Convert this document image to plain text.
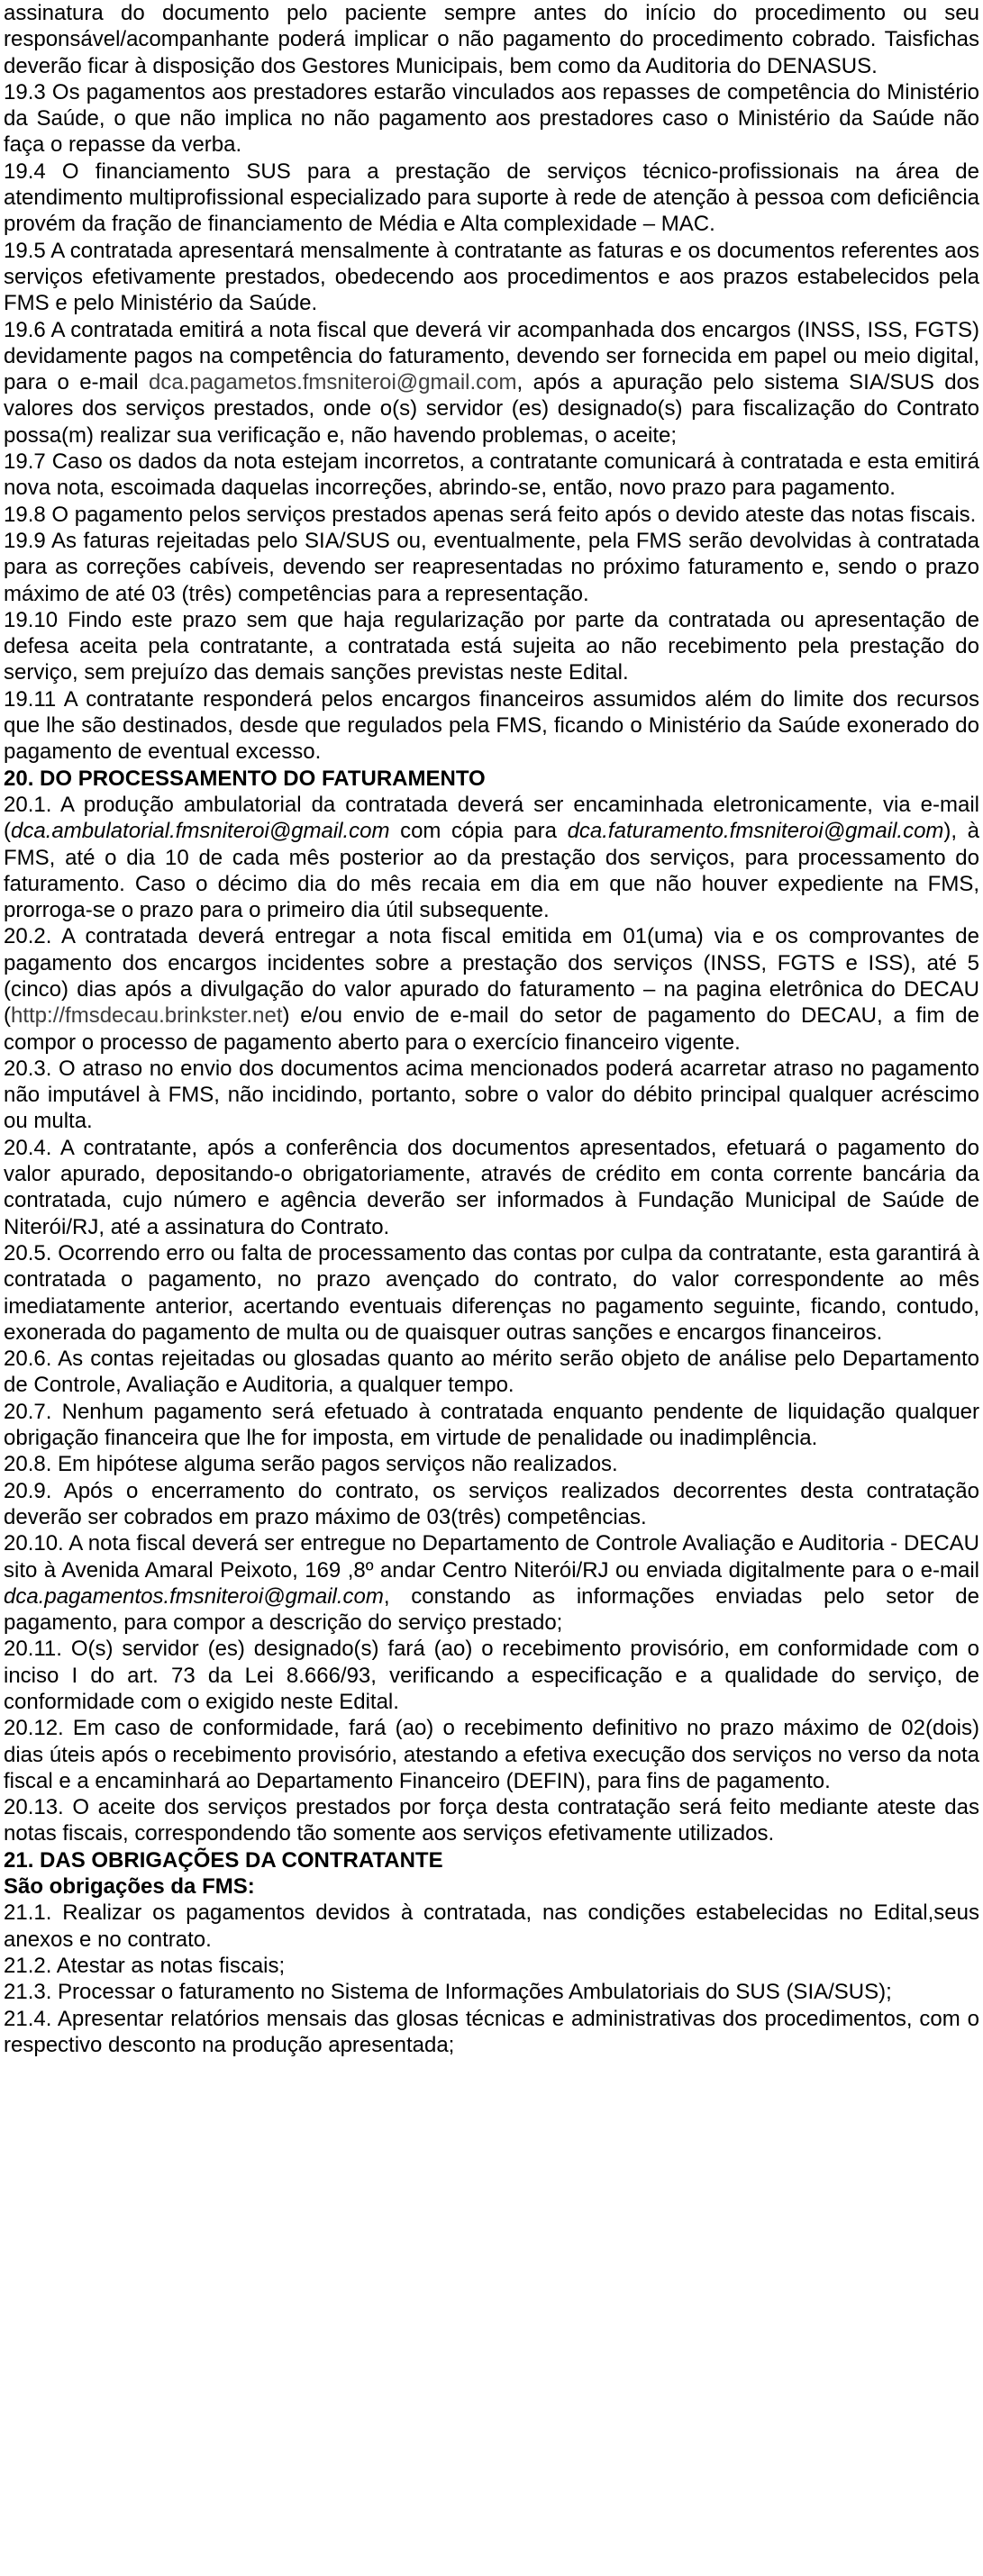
assinatura do documento pelo paciente sempre antes do início do procedimento ou seu responsável/acompanhante poderá implicar o não pagamento do procedimento cobrado. Taisfichas deverão ficar à disposição dos Gestores Municipais, bem como da Auditoria do DENASUS.

19.3 Os pagamentos aos prestadores estarão vinculados aos repasses de competência do Ministério da Saúde, o que não implica no não pagamento aos prestadores caso o Ministério da Saúde não faça o repasse da verba.

19.4 O financiamento SUS para a prestação de serviços técnico-profissionais na área de atendimento multiprofissional especializado para suporte à rede de atenção à pessoa com deficiência provém da fração de financiamento de Média e Alta complexidade – MAC.

19.5 A contratada apresentará mensalmente à contratante as faturas e os documentos referentes aos serviços efetivamente prestados, obedecendo aos procedimentos e aos prazos estabelecidos pela FMS e pelo Ministério da Saúde.

19.6 A contratada emitirá a nota fiscal que deverá vir acompanhada dos encargos (INSS, ISS, FGTS) devidamente pagos na competência do faturamento, devendo ser fornecida em papel ou meio digital, para o e-mail dca.pagametos.fmsniteroi@gmail.com, após a apuração pelo sistema SIA/SUS dos valores dos serviços prestados, onde o(s) servidor (es) designado(s) para fiscalização do Contrato possa(m) realizar sua verificação e, não havendo problemas, o aceite;

19.7 Caso os dados da nota estejam incorretos, a contratante comunicará à contratada e esta emitirá nova nota, escoimada daquelas incorreções, abrindo-se, então, novo prazo para pagamento.

19.8 O pagamento pelos serviços prestados apenas será feito após o devido ateste das notas fiscais.

19.9 As faturas rejeitadas pelo SIA/SUS ou, eventualmente, pela FMS serão devolvidas à contratada para as correções cabíveis, devendo ser reapresentadas no próximo faturamento e, sendo o prazo máximo de até 03 (três) competências para a representação.

19.10 Findo este prazo sem que haja regularização por parte da contratada ou apresentação de defesa aceita pela contratante, a contratada está sujeita ao não recebimento pela prestação do serviço, sem prejuízo das demais sanções previstas neste Edital.

19.11 A contratante responderá pelos encargos financeiros assumidos além do limite dos recursos que lhe são destinados, desde que regulados pela FMS, ficando o Ministério da Saúde exonerado do pagamento de eventual excesso.

20. DO PROCESSAMENTO DO FATURAMENTO

20.1. A produção ambulatorial da contratada deverá ser encaminhada eletronicamente, via e-mail (dca.ambulatorial.fmsniteroi@gmail.com com cópia para dca.faturamento.fmsniteroi@gmail.com), à FMS, até o dia 10 de cada mês posterior ao da prestação dos serviços, para processamento do faturamento. Caso o décimo dia do mês recaia em dia em que não houver expediente na FMS, prorroga-se o prazo para o primeiro dia útil subsequente.

20.2. A contratada deverá entregar a nota fiscal emitida em 01(uma) via e os comprovantes de pagamento dos encargos incidentes sobre a prestação dos serviços (INSS, FGTS e ISS), até 5 (cinco) dias após a divulgação do valor apurado do faturamento – na pagina eletrônica do DECAU (http://fmsdecau.brinkster.net) e/ou envio de e-mail do setor de pagamento do DECAU, a fim de compor o processo de pagamento aberto para o exercício financeiro vigente.

20.3. O atraso no envio dos documentos acima mencionados poderá acarretar atraso no pagamento não imputável à FMS, não incidindo, portanto, sobre o valor do débito principal qualquer acréscimo ou multa.

20.4. A contratante, após a conferência dos documentos apresentados, efetuará o pagamento do valor apurado, depositando-o obrigatoriamente, através de crédito em conta corrente bancária da contratada, cujo número e agência deverão ser informados à Fundação Municipal de Saúde de Niterói/RJ, até a assinatura do Contrato.

20.5. Ocorrendo erro ou falta de processamento das contas por culpa da contratante, esta garantirá à contratada o pagamento, no prazo avençado do contrato, do valor correspondente ao mês imediatamente anterior, acertando eventuais diferenças no pagamento seguinte, ficando, contudo, exonerada do pagamento de multa ou de quaisquer outras sanções e encargos financeiros.

20.6. As contas rejeitadas ou glosadas quanto ao mérito serão objeto de análise pelo Departamento de Controle, Avaliação e Auditoria, a qualquer tempo.

20.7. Nenhum pagamento será efetuado à contratada enquanto pendente de liquidação qualquer obrigação financeira que lhe for imposta, em virtude de penalidade ou inadimplência.

20.8. Em hipótese alguma serão pagos serviços não realizados.

20.9. Após o encerramento do contrato, os serviços realizados decorrentes desta contratação deverão ser cobrados em prazo máximo de 03(três) competências.

20.10. A nota fiscal deverá ser entregue no Departamento de Controle Avaliação e Auditoria - DECAU sito à Avenida Amaral Peixoto, 169 ,8º andar Centro Niterói/RJ ou enviada digitalmente para o e-mail dca.pagamentos.fmsniteroi@gmail.com, constando as informações enviadas pelo setor de pagamento, para compor a descrição do serviço prestado;

20.11. O(s) servidor (es) designado(s) fará (ao) o recebimento provisório, em conformidade com o inciso I do art. 73 da Lei 8.666/93, verificando a especificação e a qualidade do serviço, de conformidade com o exigido neste Edital.

20.12. Em caso de conformidade, fará (ao) o recebimento definitivo no prazo máximo de 02(dois) dias úteis após o recebimento provisório, atestando a efetiva execução dos serviços no verso da nota fiscal e a encaminhará ao Departamento Financeiro (DEFIN), para fins de pagamento.

20.13. O aceite dos serviços prestados por força desta contratação será feito mediante ateste das notas fiscais, correspondendo tão somente aos serviços efetivamente utilizados.

21. DAS OBRIGAÇÕES DA CONTRATANTE

São obrigações da FMS:

21.1. Realizar os pagamentos devidos à contratada, nas condições estabelecidas no Edital,seus anexos e no contrato.

21.2. Atestar as notas fiscais;

21.3. Processar o faturamento no Sistema de Informações Ambulatoriais do SUS (SIA/SUS);

21.4. Apresentar relatórios mensais das glosas técnicas e administrativas dos procedimentos, com o respectivo desconto na produção apresentada;
